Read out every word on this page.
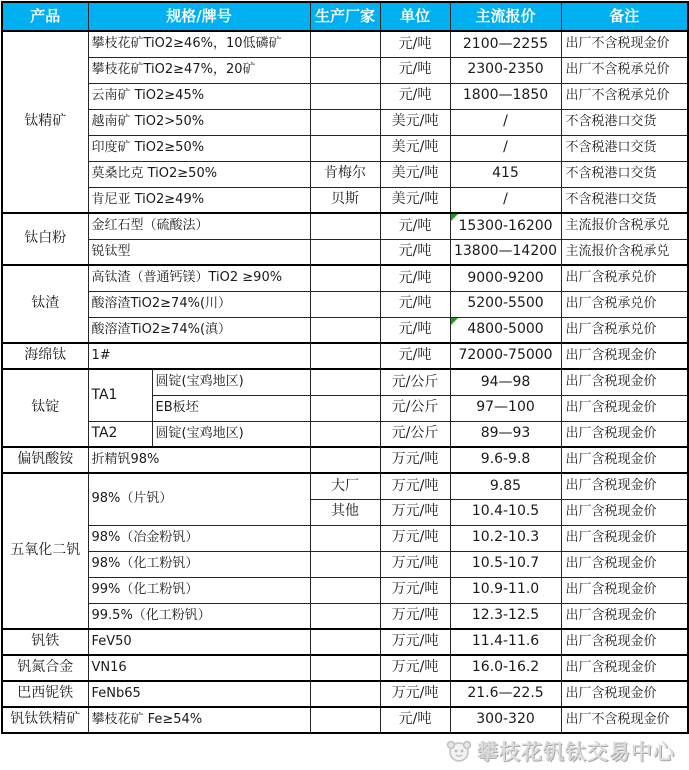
产品	规格/牌号		生产厂家	单位	主流报价	备注
钛精矿	攀枝花矿TiO2≥46%，10低磷矿			元/吨	2100—2255	出厂不含税现金价
	攀枝花矿TiO2≥47%，20矿			元/吨	2300-2350	出厂不含税承兑价
	云南矿 TiO2≥45%			元/吨	1800—1850	出厂不含税承兑价
	越南矿 TiO2>50%			美元/吨	/	不含税港口交货
	印度矿 TiO2≥50%			美元/吨	/	不含税港口交货
	莫桑比克 TiO2≥50%		肯梅尔	美元/吨	415	不含税港口交货
	肯尼亚 TiO2≥49%		贝斯	美元/吨	/	不含税港口交货
钛白粉	金红石型（硫酸法）			元/吨	15300-16200	主流报价含税承兑
	锐钛型			元/吨	13800—14200	主流报价含税承兑
钛渣	高钛渣（普通钙镁）TiO2 ≥90%			元/吨	9000-9200	出厂含税承兑价
	酸溶渣TiO2≥74%(川）			元/吨	5200-5500	出厂含税承兑价
	酸溶渣TiO2≥74%(滇）			元/吨	4800-5000	出厂含税承兑价
海绵钛	1#			元/吨	72000-75000	出厂含税现金价
钛锭	TA1	圆锭(宝鸡地区)		元/公斤	94—98	出厂含税现金价
		EB板坯		元/公斤	97—100	出厂含税现金价
	TA2	圆锭(宝鸡地区)		元/公斤	89—93	出厂含税现金价
偏钒酸铵	折精钒98%			万元/吨	9.6-9.8	出厂含税现金价
五氧化二钒	98%（片钒）		大厂	万元/吨	9.85	出厂含税现金价
			其他	万元/吨	10.4-10.5	出厂含税现金价
	98%（冶金粉钒）			万元/吨	10.2-10.3	出厂含税现金价
	98%（化工粉钒）			万元/吨	10.5-10.7	出厂含税现金价
	99%（化工粉钒）			万元/吨	10.9-11.0	出厂含税现金价
	99.5%（化工粉钒）			万元/吨	12.3-12.5	出厂含税现金价
钒铁	FeV50			万元/吨	11.4-11.6	出厂含税现金价
钒氮合金	VN16			万元/吨	16.0-16.2	出厂含税现金价
巴西铌铁	FeNb65			万元/吨	21.6—22.5	出厂含税现金价
钒钛铁精矿	攀枝花矿 Fe≥54%			元/吨	300-320	出厂不含税现金价
攀枝花钒钛交易中心
